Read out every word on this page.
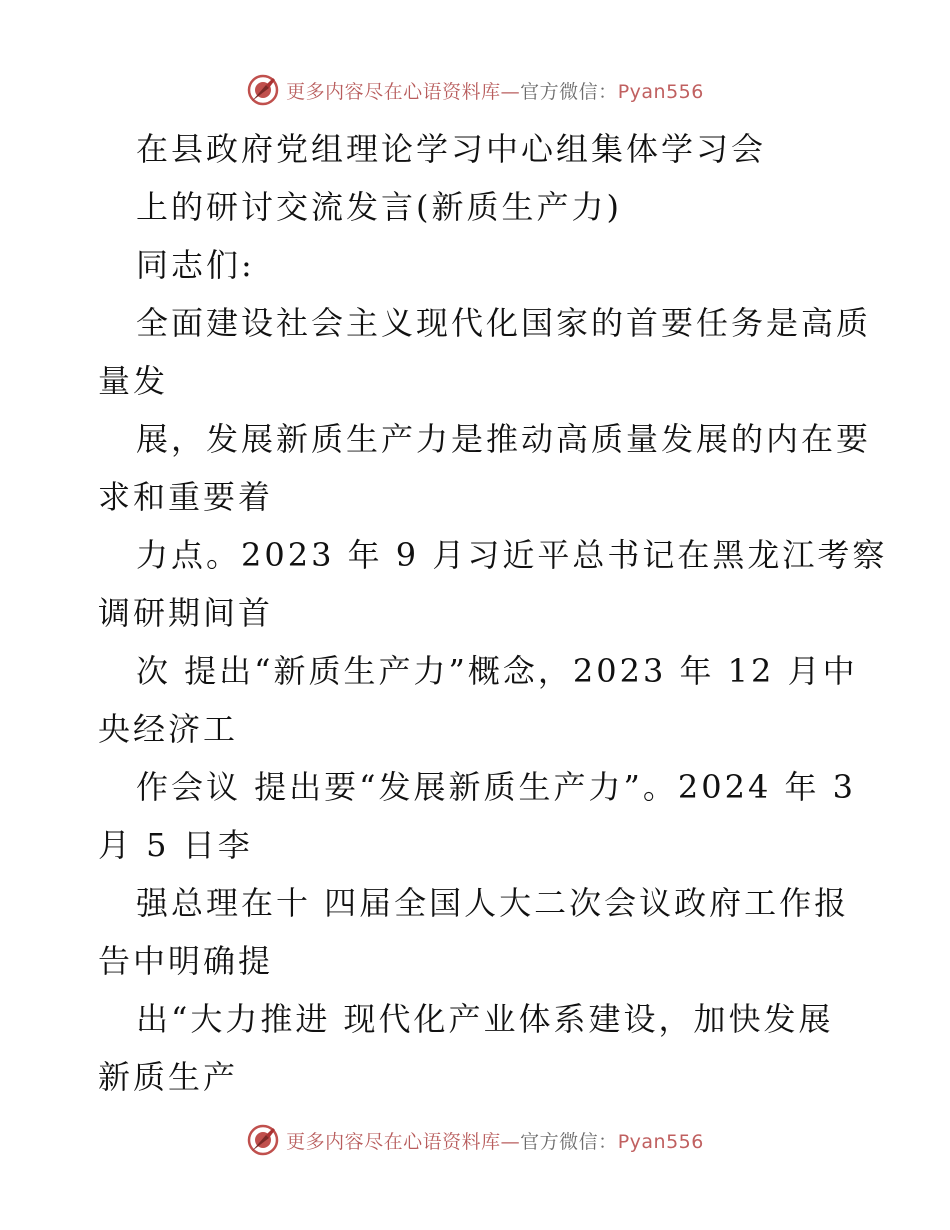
更多内容尽在心语资料库—官方微信：Pyan556
在县政府党组理论学习中心组集体学习会
上的研讨交流发言(新质生产力)
同志们:
全面建设社会主义现代化国家的首要任务是高质
量发
展，发展新质生产力是推动高质量发展的内在要
求和重要着
力点。2023 年 9 月习近平总书记在黑龙江考察
调研期间首
次 提出“新质生产力”概念，2023 年 12 月中
央经济工
作会议 提出要“发展新质生产力”。2024 年 3
月 5 日李
强总理在十 四届全国人大二次会议政府工作报
告中明确提
出“大力推进 现代化产业体系建设，加快发展
新质生产
更多内容尽在心语资料库—官方微信：Pyan556
